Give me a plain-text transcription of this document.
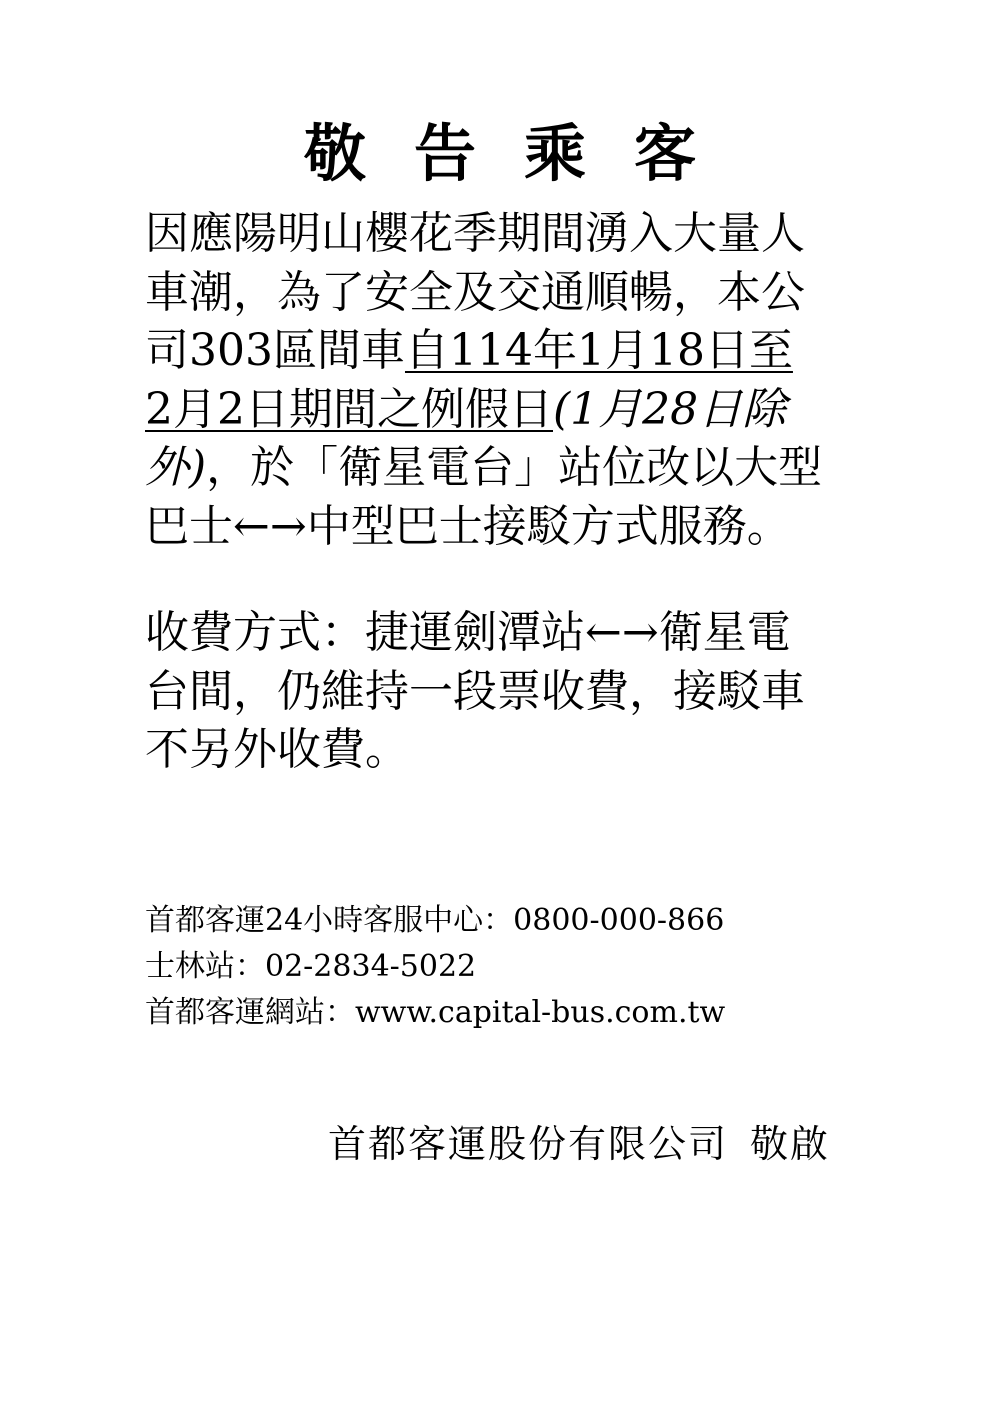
敬告乘客
因應陽明山櫻花季期間湧入大量人
車潮，為了安全及交通順暢，本公
司303區間車自114年1月18日至
2月2日期間之例假日(1月28日除
外)，於「衛星電台」站位改以大型
巴士←→中型巴士接駁方式服務。
收費方式：捷運劍潭站←→衛星電
台間，仍維持一段票收費，接駁車
不另外收費。
首都客運24小時客服中心：0800-000-866
士林站：02-2834-5022
首都客運網站：www.capital-bus.com.tw
首都客運股份有限公司 敬啟
